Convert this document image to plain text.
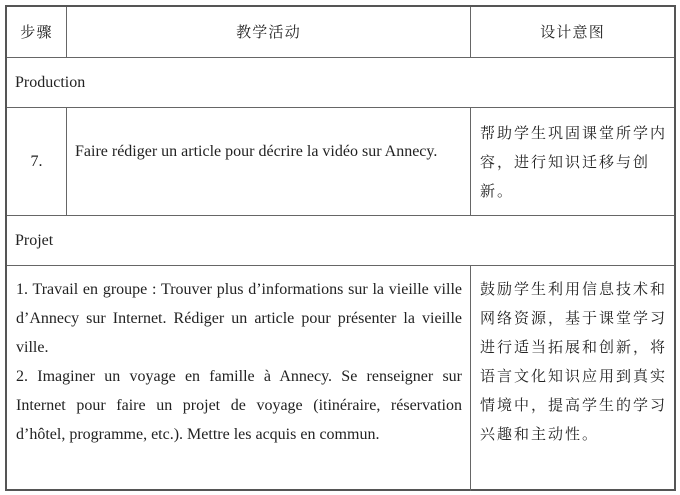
步骤	教学活动	设计意图
Production
7.
Faire rédiger un article pour décrire la vidéo sur Annecy.
帮助学生巩固课堂所学内容，进行知识迁移与创新。
Projet

1. Travail en groupe : Trouver plus d’informations sur la vieille ville d’Annecy sur Internet. Rédiger un article pour présenter la vieille ville.

2. Imaginer un voyage en famille à Annecy. Se renseigner sur Internet pour faire un projet de voyage (itinéraire, réservation d’hôtel, programme, etc.). Mettre les acquis en commun.

鼓励学生利用信息技术和网络资源，基于课堂学习进行适当拓展和创新，将语言文化知识应用到真实情境中，提高学生的学习兴趣和主动性。
